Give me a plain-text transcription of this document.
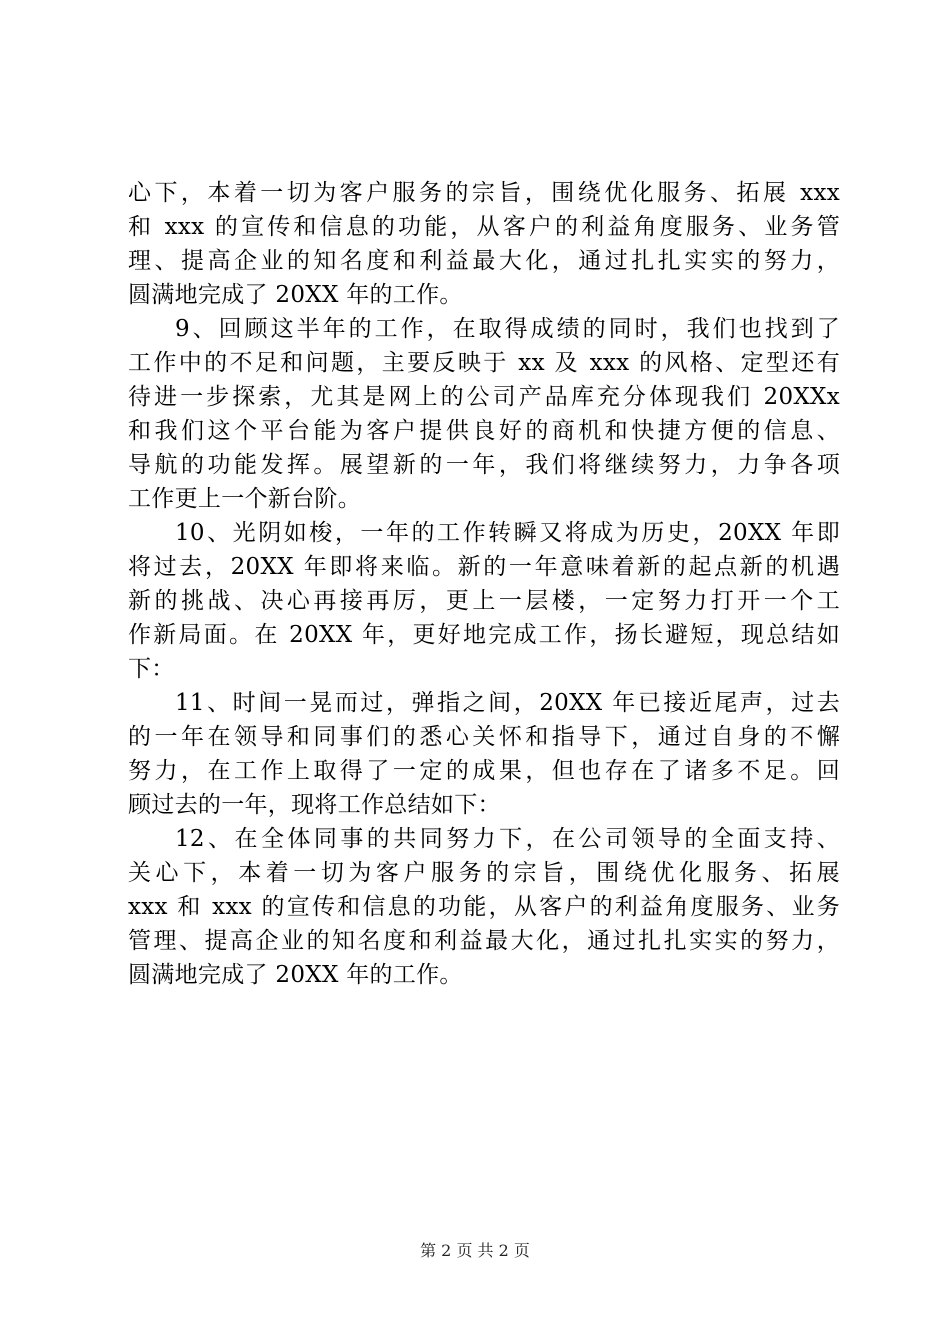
心下，本着一切为客户服务的宗旨，围绕优化服务、拓展 xxx
和 xxx 的宣传和信息的功能，从客户的利益角度服务、业务管
理、提高企业的知名度和利益最大化，通过扎扎实实的努力，
圆满地完成了 20XX 年的工作。
9、回顾这半年的工作，在取得成绩的同时，我们也找到了
工作中的不足和问题，主要反映于 xx 及 xxx 的风格、定型还有
待进一步探索，尤其是网上的公司产品库充分体现我们 20XXx
和我们这个平台能为客户提供良好的商机和快捷方便的信息、
导航的功能发挥。展望新的一年，我们将继续努力，力争各项
工作更上一个新台阶。
10、光阴如梭，一年的工作转瞬又将成为历史，20XX 年即
将过去，20XX 年即将来临。新的一年意味着新的起点新的机遇
新的挑战、决心再接再厉，更上一层楼，一定努力打开一个工
作新局面。在 20XX 年，更好地完成工作，扬长避短，现总结如
下：
11、时间一晃而过，弹指之间，20XX 年已接近尾声，过去
的一年在领导和同事们的悉心关怀和指导下，通过自身的不懈
努力，在工作上取得了一定的成果，但也存在了诸多不足。回
顾过去的一年，现将工作总结如下：
12、在全体同事的共同努力下，在公司领导的全面支持、
关心下，本着一切为客户服务的宗旨，围绕优化服务、拓展
xxx 和 xxx 的宣传和信息的功能，从客户的利益角度服务、业务
管理、提高企业的知名度和利益最大化，通过扎扎实实的努力，
圆满地完成了 20XX 年的工作。
第 2 页 共 2 页
